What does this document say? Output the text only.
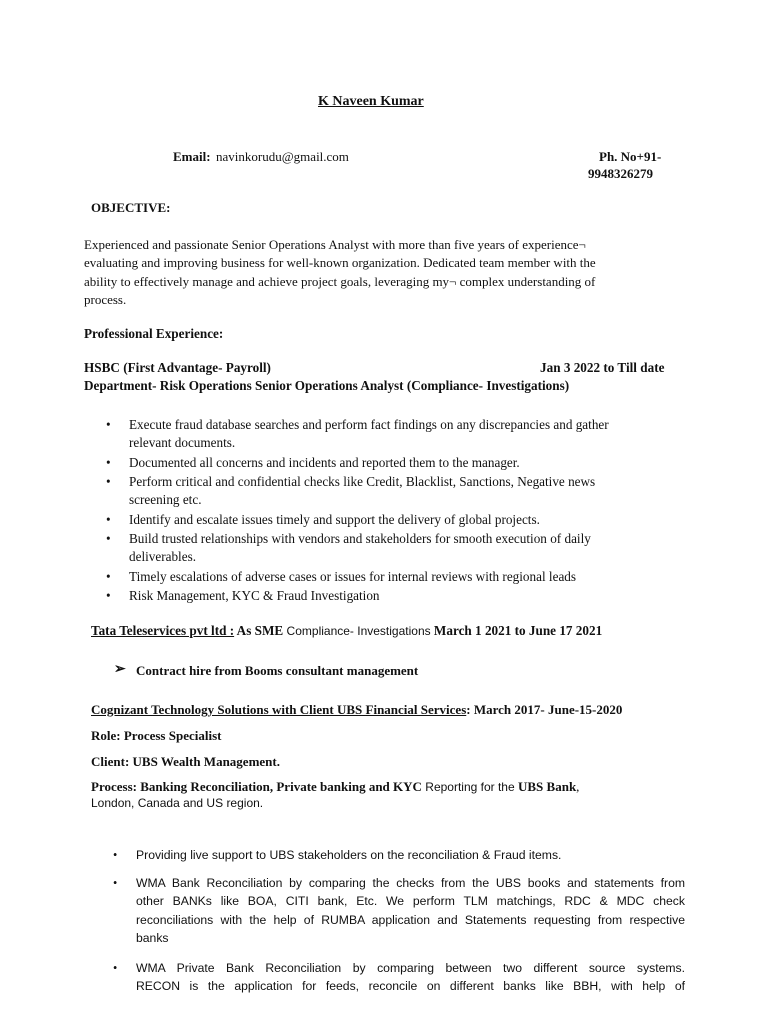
K Naveen Kumar
Email: navinkorudu@gmail.com	Ph. No+91-
9948326279
OBJECTIVE:
Experienced and passionate Senior Operations Analyst with more than five years of experience¬
evaluating and improving business for well-known organization. Dedicated team member with the
ability to effectively manage and achieve project goals, leveraging my¬ complex understanding of
process.
Professional Experience:
HSBC (First Advantage- Payroll)	Jan 3 2022 to Till date
Department- Risk Operations Senior Operations Analyst (Compliance- Investigations)
• Execute fraud database searches and perform fact findings on any discrepancies and gather
relevant documents.
• Documented all concerns and incidents and reported them to the manager.
• Perform critical and confidential checks like Credit, Blacklist, Sanctions, Negative news
screening etc.
• Identify and escalate issues timely and support the delivery of global projects.
• Build trusted relationships with vendors and stakeholders for smooth execution of daily
deliverables.
• Timely escalations of adverse cases or issues for internal reviews with regional leads
• Risk Management, KYC & Fraud Investigation
Tata Teleservices pvt ltd : As SME Compliance- Investigations March 1 2021 to June 17 2021
➢ Contract hire from Booms consultant management
Cognizant Technology Solutions with Client UBS Financial Services: March 2017- June-15-2020
Role: Process Specialist
Client: UBS Wealth Management.
Process: Banking Reconciliation, Private banking and KYC Reporting for the UBS Bank,
London, Canada and US region.
• Providing live support to UBS stakeholders on the reconciliation & Fraud items.
• WMA Bank Reconciliation by comparing the checks from the UBS books and statements from
other BANKs like BOA, CITI bank, Etc. We perform TLM matchings, RDC & MDC check
reconciliations with the help of RUMBA application and Statements requesting from respective
banks
• WMA Private Bank Reconciliation by comparing between two different source systems.
RECON is the application for feeds, reconcile on different banks like BBH, with help of
